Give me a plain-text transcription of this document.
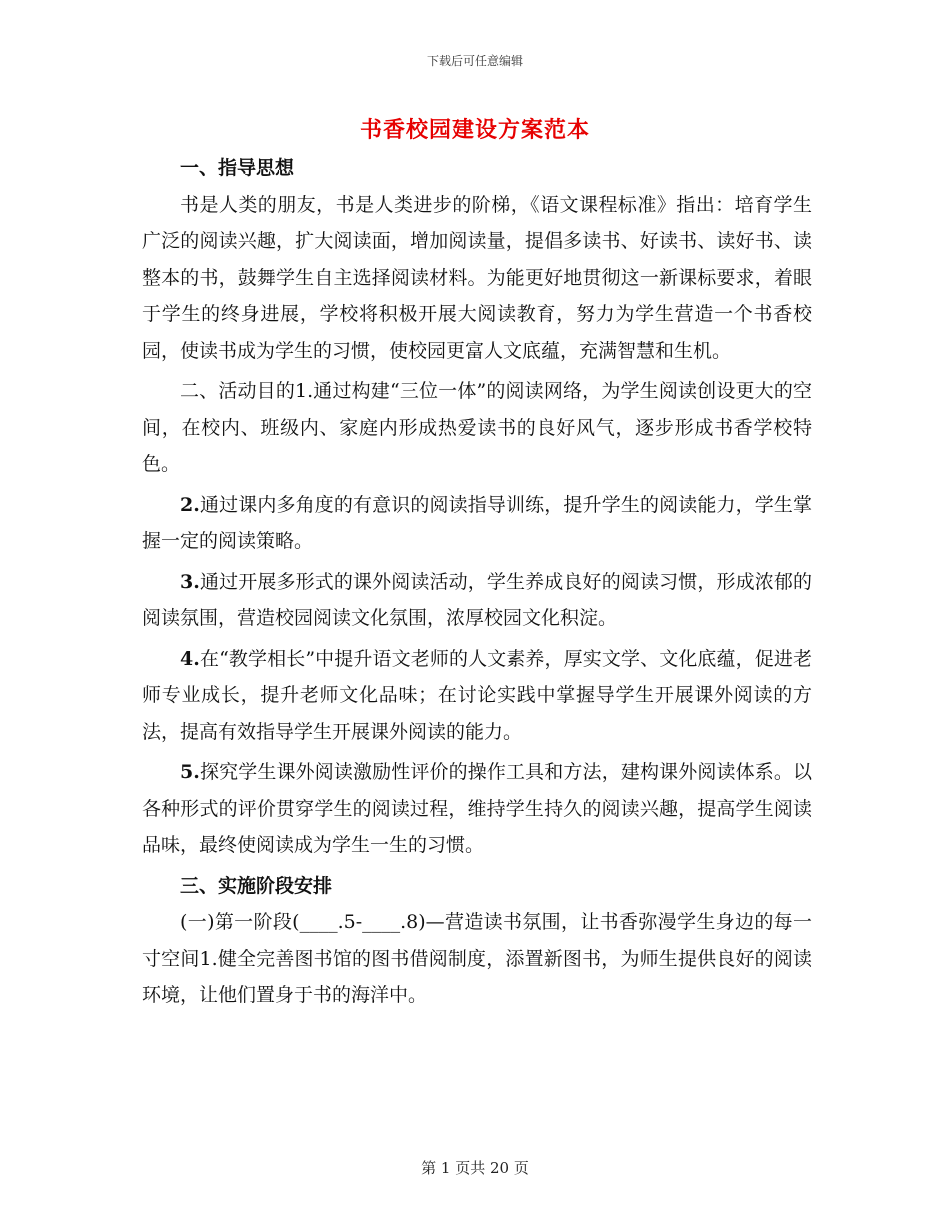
下载后可任意编辑
书香校园建设方案范本
一、指导思想

书是人类的朋友，书是人类进步的阶梯，《语文课程标准》指出：培育学生广泛的阅读兴趣，扩大阅读面，增加阅读量，提倡多读书、好读书、读好书、读整本的书，鼓舞学生自主选择阅读材料。为能更好地贯彻这一新课标要求，着眼于学生的终身进展，学校将积极开展大阅读教育，努力为学生营造一个书香校园，使读书成为学生的习惯，使校园更富人文底蕴，充满智慧和生机。

二、活动目的1.通过构建“三位一体”的阅读网络，为学生阅读创设更大的空间，在校内、班级内、家庭内形成热爱读书的良好风气，逐步形成书香学校特色。

2.通过课内多角度的有意识的阅读指导训练，提升学生的阅读能力，学生掌握一定的阅读策略。

3.通过开展多形式的课外阅读活动，学生养成良好的阅读习惯，形成浓郁的阅读氛围，营造校园阅读文化氛围，浓厚校园文化积淀。

4.在“教学相长”中提升语文老师的人文素养，厚实文学、文化底蕴，促进老师专业成长，提升老师文化品味；在讨论实践中掌握导学生开展课外阅读的方法，提高有效指导学生开展课外阅读的能力。

5.探究学生课外阅读激励性评价的操作工具和方法，建构课外阅读体系。以各种形式的评价贯穿学生的阅读过程，维持学生持久的阅读兴趣，提高学生阅读品味，最终使阅读成为学生一生的习惯。

三、实施阶段安排

(一)第一阶段(____.5-____.8)—营造读书氛围，让书香弥漫学生身边的每一寸空间1.健全完善图书馆的图书借阅制度，添置新图书，为师生提供良好的阅读环境，让他们置身于书的海洋中。

第 1 页共 20 页
